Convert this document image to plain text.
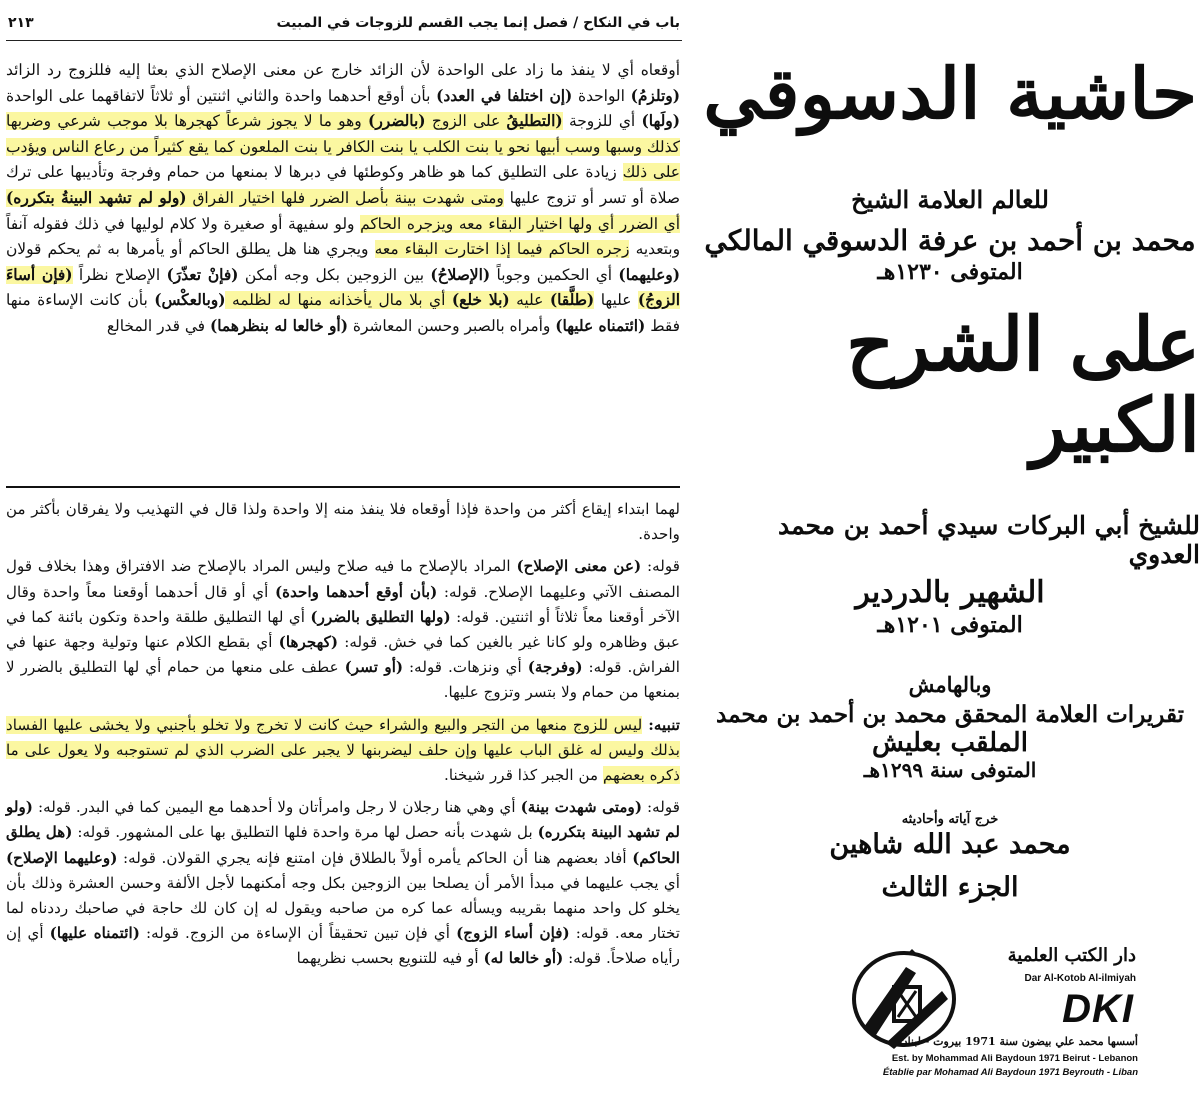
باب في النكاح / فصل إنما يجب القسم للزوجات في المبيت
٢١٣

أوقعاه أي لا ينفذ ما زاد على الواحدة لأن الزائد خارج عن معنى الإصلاح الذي بعثا إليه فللزوج رد الزائد (وتلزمُ) الواحدة (إن اختلفا في العدد) بأن أوقع أحدهما واحدة والثاني اثنتين أو ثلاثاً لاتفاقهما على الواحدة (ولَها) أي للزوجة (التطليقُ على الزوج (بالضرر) وهو ما لا يجوز شرعاً كهجرها بلا موجب شرعي وضربها كذلك وسبها وسب أبيها نحو يا بنت الكلب يا بنت الكافر يا بنت الملعون كما يقع كثيراً من رعاع الناس ويؤدب على ذلك زيادة على التطليق كما هو ظاهر وكوطئها في دبرها لا بمنعها من حمام وفرجة وتأديبها على ترك صلاة أو تسر أو تزوج عليها ومتى شهدت بينة بأصل الضرر فلها اختيار الفراق (ولو لم تشهد البينةُ بتكرره) أي الضرر أي ولها اختيار البقاء معه ويزجره الحاكم ولو سفيهة أو صغيرة ولا كلام لوليها في ذلك فقوله آنفاً وبتعديه زجره الحاكم فيما إذا اختارت البقاء معه ويجري هنا هل يطلق الحاكم أو يأمرها به ثم يحكم قولان (وعليهما) أي الحكمين وجوباً (الإصلاحُ) بين الزوجين بكل وجه أمكن (فإنْ تعذّرَ) الإصلاح نظراً (فإن أساءَ الزوجُ) عليها (طلَّقا) عليه (بلا خلع) أي بلا مال يأخذانه منها له لظلمه (وبالعكْس) بأن كانت الإساءة منها فقط (ائتمناه عليها) وأمراه بالصبر وحسن المعاشرة (أو خالعا له بنظرهما) في قدر المخالع

لهما ابتداء إيقاع أكثر من واحدة فإذا أوقعاه فلا ينفذ منه إلا واحدة ولذا قال في التهذيب ولا يفرقان بأكثر من واحدة.

قوله: (عن معنى الإصلاح) المراد بالإصلاح ما فيه صلاح وليس المراد بالإصلاح ضد الافتراق وهذا بخلاف قول المصنف الآتي وعليهما الإصلاح. قوله: (بأن أوقع أحدهما واحدة) أي أو قال أحدهما أوقعنا معاً واحدة وقال الآخر أوقعنا معاً ثلاثاً أو اثنتين. قوله: (ولها التطليق بالضرر) أي لها التطليق طلقة واحدة وتكون بائنة كما في عبق وظاهره ولو كانا غير بالغين كما في خش. قوله: (كهجرها) أي بقطع الكلام عنها وتولية وجهة عنها في الفراش. قوله: (وفرجة) أي ونزهات. قوله: (أو تسر) عطف على منعها من حمام أي لها التطليق بالضرر لا بمنعها من حمام ولا بتسر وتزوج عليها.

تنبيه: ليس للزوج منعها من التجر والبيع والشراء حيث كانت لا تخرج ولا تخلو بأجنبي ولا يخشى عليها الفساد بذلك وليس له غلق الباب عليها وإن حلف ليضربنها لا يجبر على الضرب الذي لم تستوجبه ولا يعول على ما ذكره بعضهم من الجبر كذا قرر شيخنا.

قوله: (ومتى شهدت بينة) أي وهي هنا رجلان لا رجل وامرأتان ولا أحدهما مع اليمين كما في البدر. قوله: (ولو لم تشهد البينة بتكرره) بل شهدت بأنه حصل لها مرة واحدة فلها التطليق بها على المشهور. قوله: (هل يطلق الحاكم) أفاد بعضهم هنا أن الحاكم يأمره أولاً بالطلاق فإن امتنع فإنه يجري القولان. قوله: (وعليهما الإصلاح) أي يجب عليهما في مبدأ الأمر أن يصلحا بين الزوجين بكل وجه أمكنهما لأجل الألفة وحسن العشرة وذلك بأن يخلو كل واحد منهما بقريبه ويسأله عما كره من صاحبه ويقول له إن كان لك حاجة في صاحبك رددناه لما تختار معه. قوله: (فإن أساء الزوج) أي فإن تبين تحقيقاً أن الإساءة من الزوج. قوله: (ائتمناه عليها) أي إن رأياه صلاحاً. قوله: (أو خالعا له) أو فيه للتنويع بحسب نظريهما

حاشية الدسوقي
للعالم العلامة الشيخ
محمد بن أحمد بن عرفة الدسوقي المالكي
المتوفى ١٢٣٠هـ
على الشرح الكبير
للشيخ أبي البركات سيدي أحمد بن محمد العدوي
الشهير بالدردير
المتوفى ١٢٠١هـ
وبالهامش
تقريرات العلامة المحقق محمد بن أحمد بن محمد
الملقب بعليش
المتوفى سنة ١٢٩٩هـ
خرج آياته وأحاديثه
محمد عبد الله شاهين
الجزء الثالث
دار الكتب العلمية
Dar Al-Kotob Al-ilmiyah
DKI
أسسها محمد علي بيضون سنة 1971 بيروت - لبنان
Est. by Mohammad Ali Baydoun 1971 Beirut - Lebanon
Établie par Mohamad Ali Baydoun 1971 Beyrouth - Liban
